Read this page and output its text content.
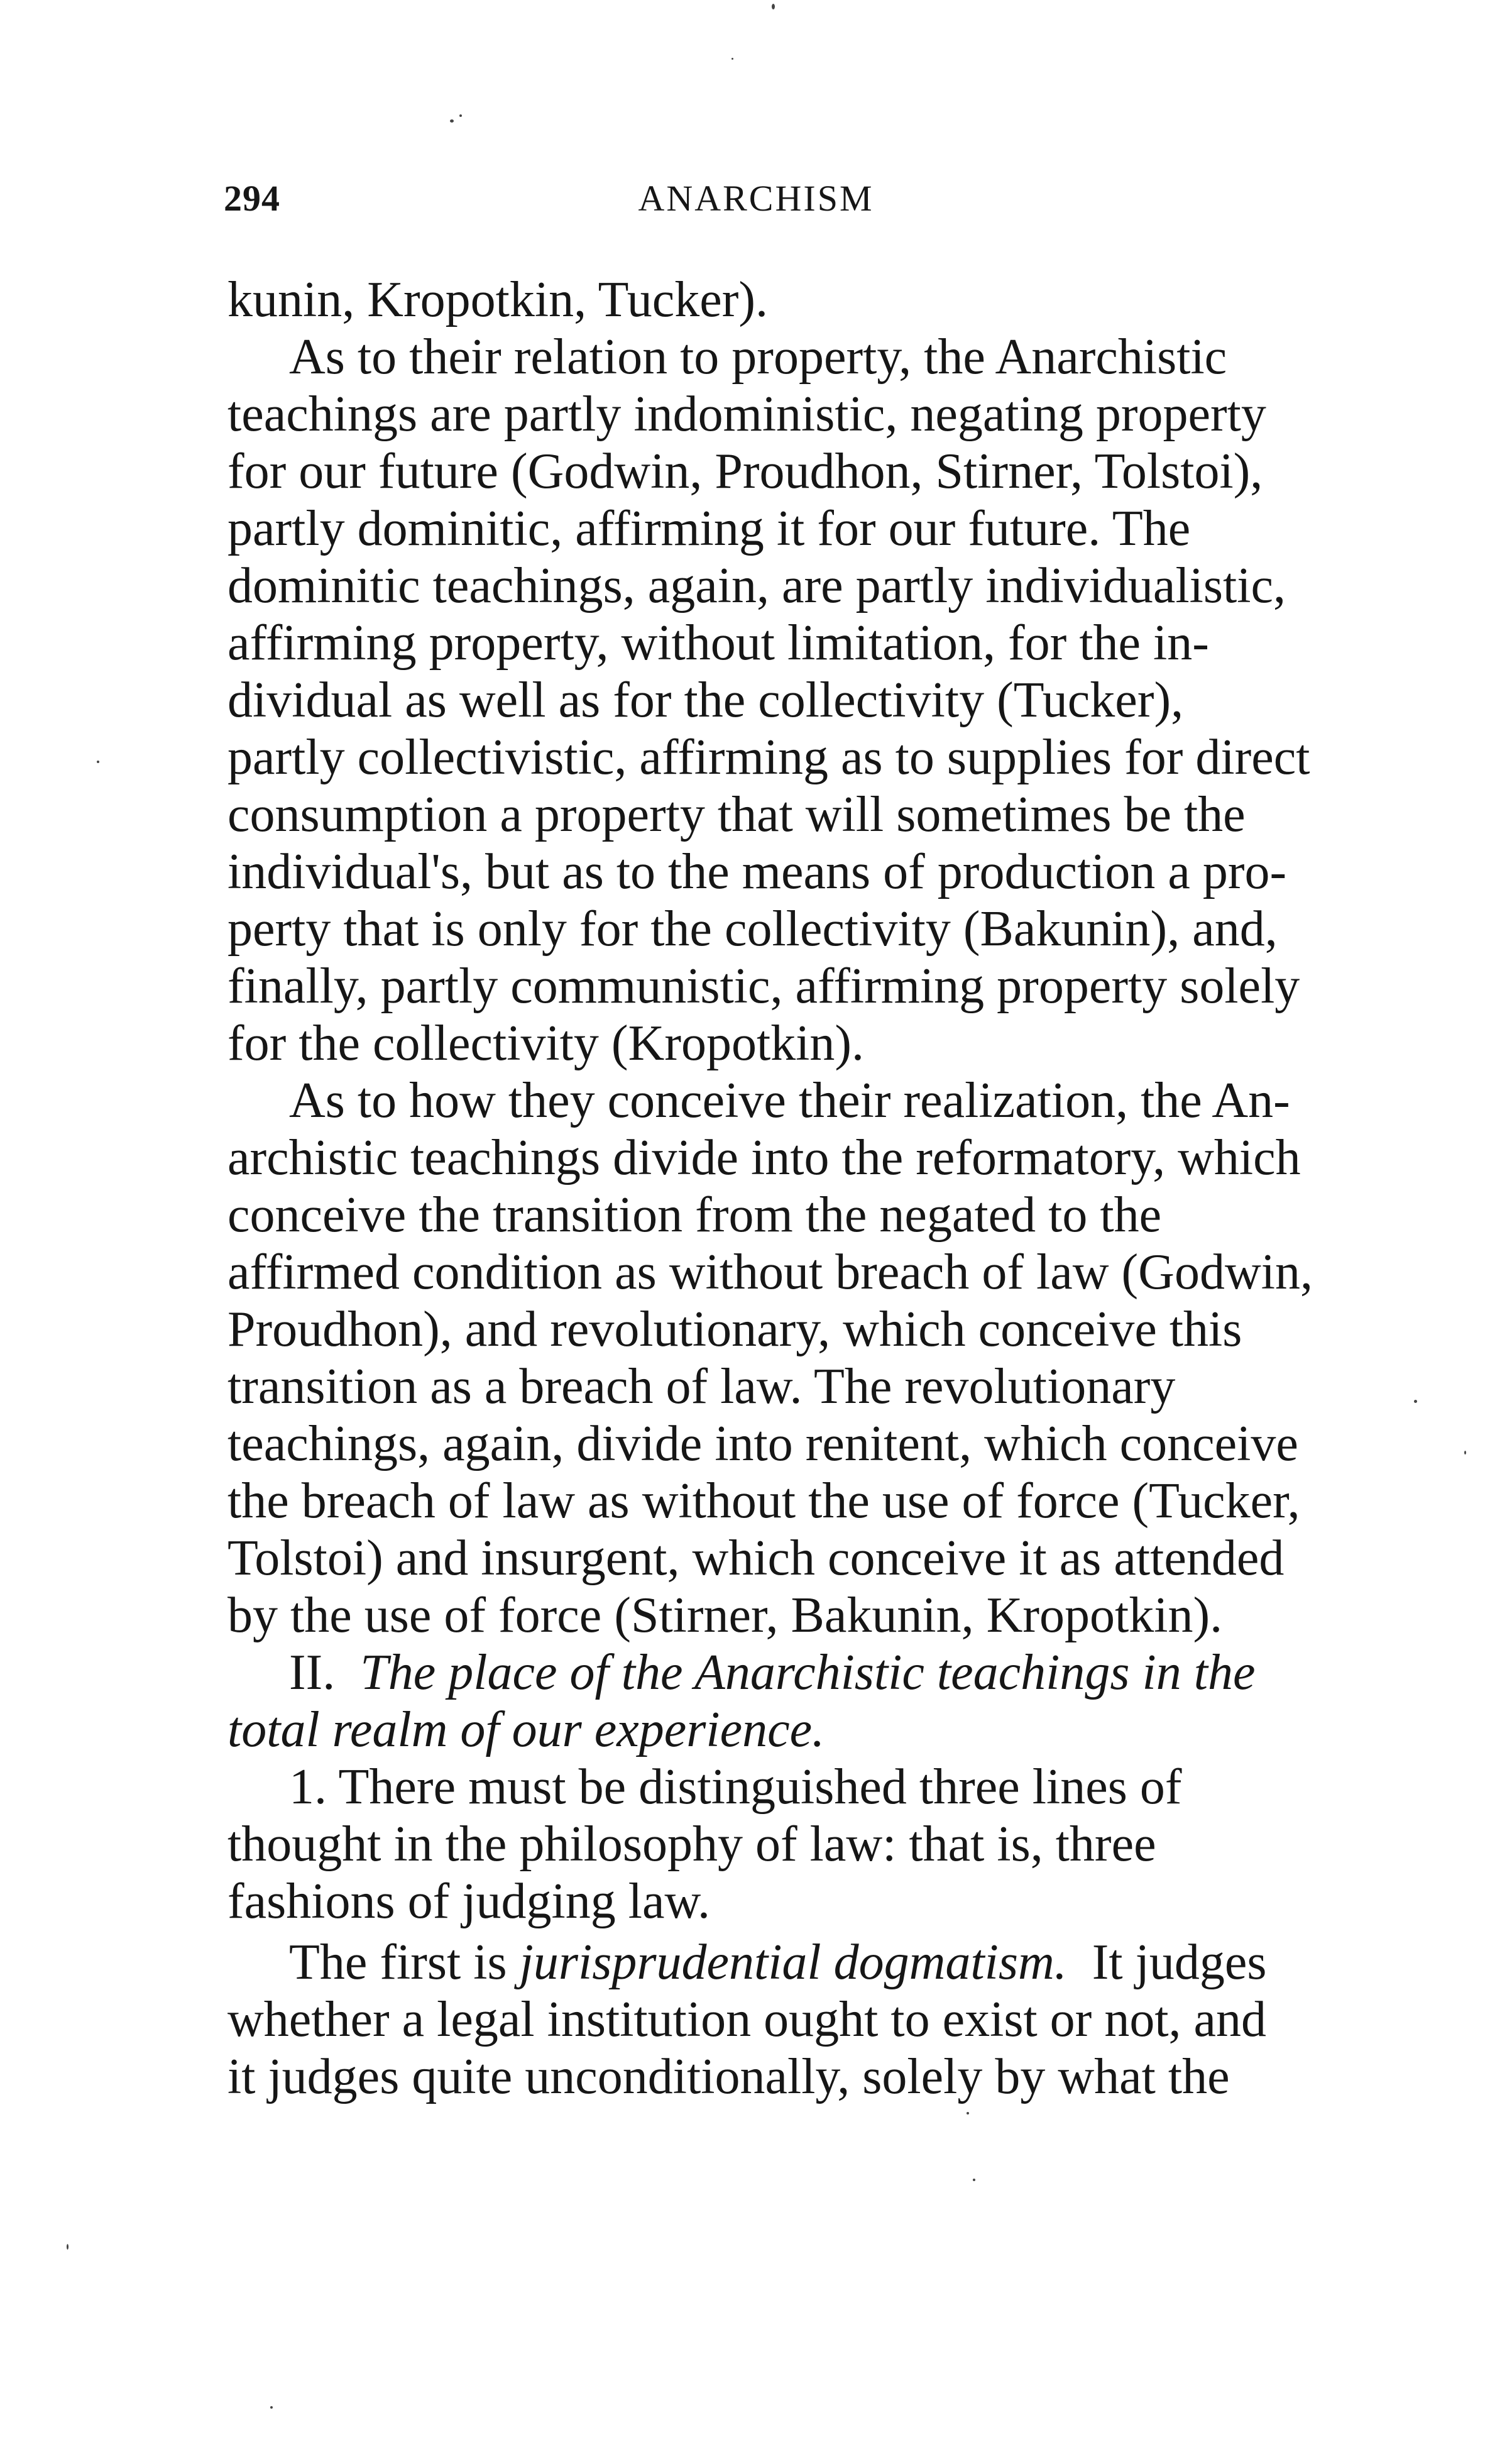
294	ANARCHISM
kunin, Kropotkin, Tucker).
As to their relation to property, the Anarchistic
teachings are partly indoministic, negating property
for our future (Godwin, Proudhon, Stirner, Tolstoi),
partly dominitic, affirming it for our future. The
dominitic teachings, again, are partly individualistic,
affirming property, without limitation, for the in-
dividual as well as for the collectivity (Tucker),
partly collectivistic, affirming as to supplies for direct
consumption a property that will sometimes be the
individual's, but as to the means of production a pro-
perty that is only for the collectivity (Bakunin), and,
finally, partly communistic, affirming property solely
for the collectivity (Kropotkin).
As to how they conceive their realization, the An-
archistic teachings divide into the reformatory, which
conceive the transition from the negated to the
affirmed condition as without breach of law (Godwin,
Proudhon), and revolutionary, which conceive this
transition as a breach of law. The revolutionary
teachings, again, divide into renitent, which conceive
the breach of law as without the use of force (Tucker,
Tolstoi) and insurgent, which conceive it as attended
by the use of force (Stirner, Bakunin, Kropotkin).
II. The place of the Anarchistic teachings in the
total realm of our experience.
1. There must be distinguished three lines of
thought in the philosophy of law: that is, three
fashions of judging law.
The first is jurisprudential dogmatism. It judges
whether a legal institution ought to exist or not, and
it judges quite unconditionally, solely by what the
